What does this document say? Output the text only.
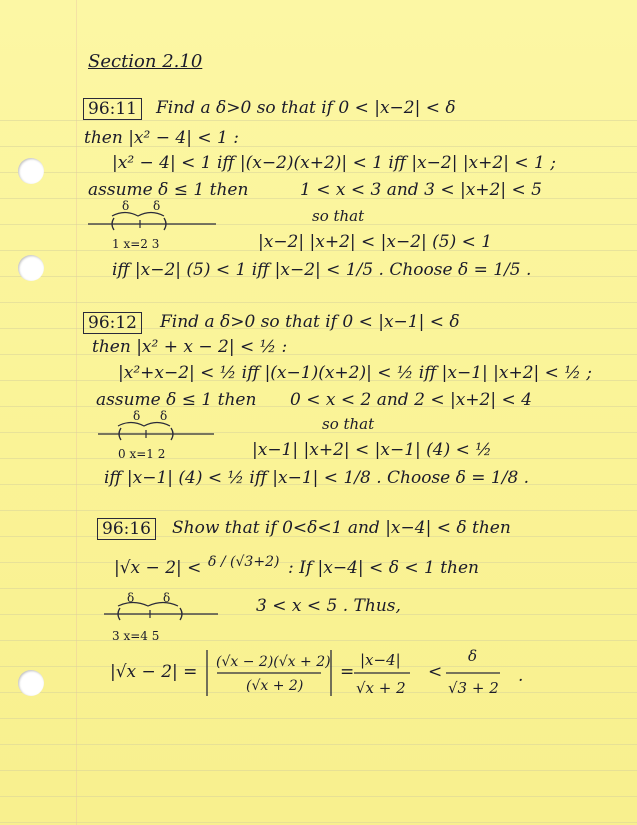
Section 2.10
96:11 Find a δ>0 so that if 0 < |x−2| < δ
then |x² − 4| < 1 :
|x² − 4| < 1 iff |(x−2)(x+2)| < 1 iff |x−2| |x+2| < 1 ;
assume δ ≤ 1 then	1 < x < 3 and 3 < |x+2| < 5
δ δ
so that
1 x=2 3	|x−2| |x+2| < |x−2| (5) < 1
iff |x−2| (5) < 1 iff |x−2| < 1/5 . Choose δ = 1/5 .
96:12 Find a δ>0 so that if 0 < |x−1| < δ
then |x² + x − 2| < ½ :
|x²+x−2| < ½ iff |(x−1)(x+2)| < ½ iff |x−1| |x+2| < ½ ;
assume δ ≤ 1 then 0 < x < 2 and 2 < |x+2| < 4
δ δ	so that
0 x=1 2	|x−1| |x+2| < |x−1| (4) < ½
iff |x−1| (4) < ½ iff |x−1| < 1/8 . Choose δ = 1/8 .
96:16 Show that if 0<δ<1 and |x−4| < δ then
|√x − 2| < δ / (√3+2) : If |x−4| < δ < 1 then
δ δ	3 < x < 5 . Thus,
3 x=4 5
|√x − 2| = (√x − 2)(√x + 2)
(√x + 2)
=
|x−4|
√x + 2
<
δ
√3 + 2
.
